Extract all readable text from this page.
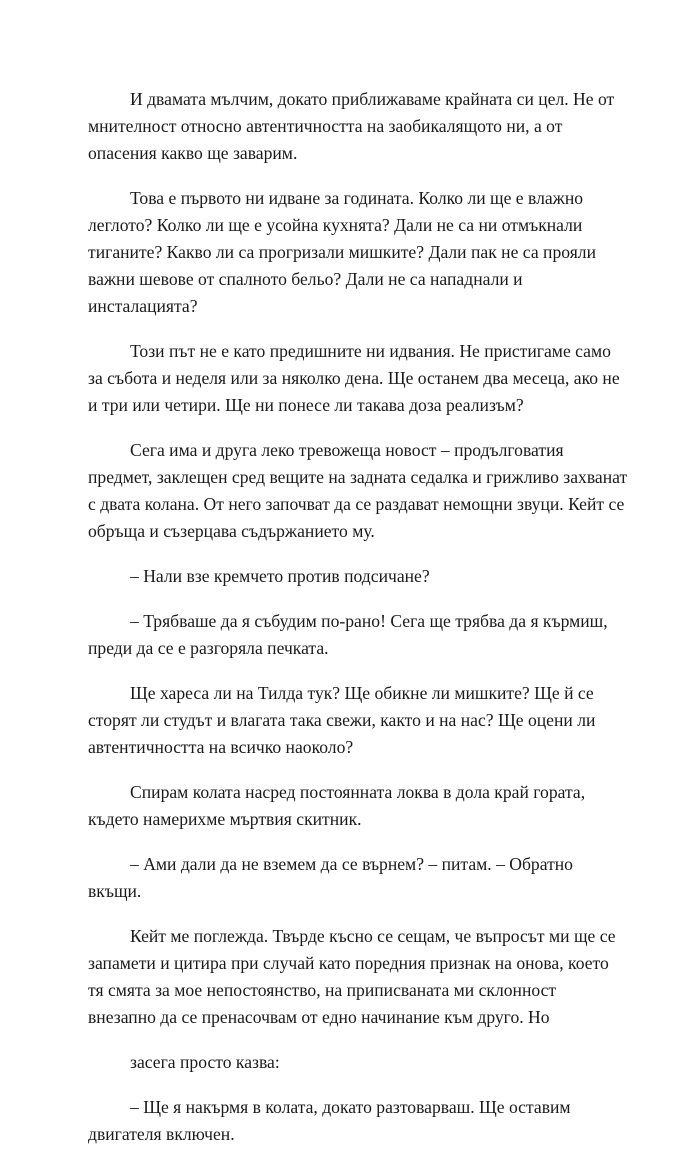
И двамата мълчим, докато приближаваме крайната си цел. Не от мнителност относно автентичността на заобикалящото ни, а от опасения какво ще заварим.

Това е първото ни идване за годината. Колко ли ще е влажно леглото? Колко ли ще е усойна кухнята? Дали не са ни отмъкнали тиганите? Какво ли са прогризали мишките? Дали пак не са прояли важни шевове от спалното бельо? Дали не са нападнали и инсталацията?

Този път не е като предишните ни идвания. Не пристигаме само за събота и неделя или за няколко дена. Ще останем два месеца, ако не и три или четири. Ще ни понесе ли такава доза реализъм?

Сега има и друга леко тревожеща новост – продълговатия предмет, заклещен сред вещите на задната седалка и грижливо захванат с двата колана. От него започват да се раздават немощни звуци. Кейт се обръща и съзерцава съдържанието му.

– Нали взе кремчето против подсичане?

– Трябваше да я събудим по-рано! Сега ще трябва да я кърмиш, преди да се е разгоряла печката.

Ще хареса ли на Тилда тук? Ще обикне ли мишките? Ще й се сторят ли студът и влагата така свежи, както и на нас? Ще оцени ли автентичността на всичко наоколо?

Спирам колата насред постоянната локва в дола край гората, където намерихме мъртвия скитник.

– Ами дали да не вземем да се върнем? – питам. – Обратно вкъщи.

Кейт ме поглежда. Твърде късно се сещам, че въпросът ми ще се запамети и цитира при случай като поредния признак на онова, което тя смята за мое непостоянство, на приписваната ми склонност внезапно да се пренасочвам от едно начинание към друго. Но

засега просто казва:

– Ще я накърмя в колата, докато разтоварваш. Ще оставим двигателя включен.
